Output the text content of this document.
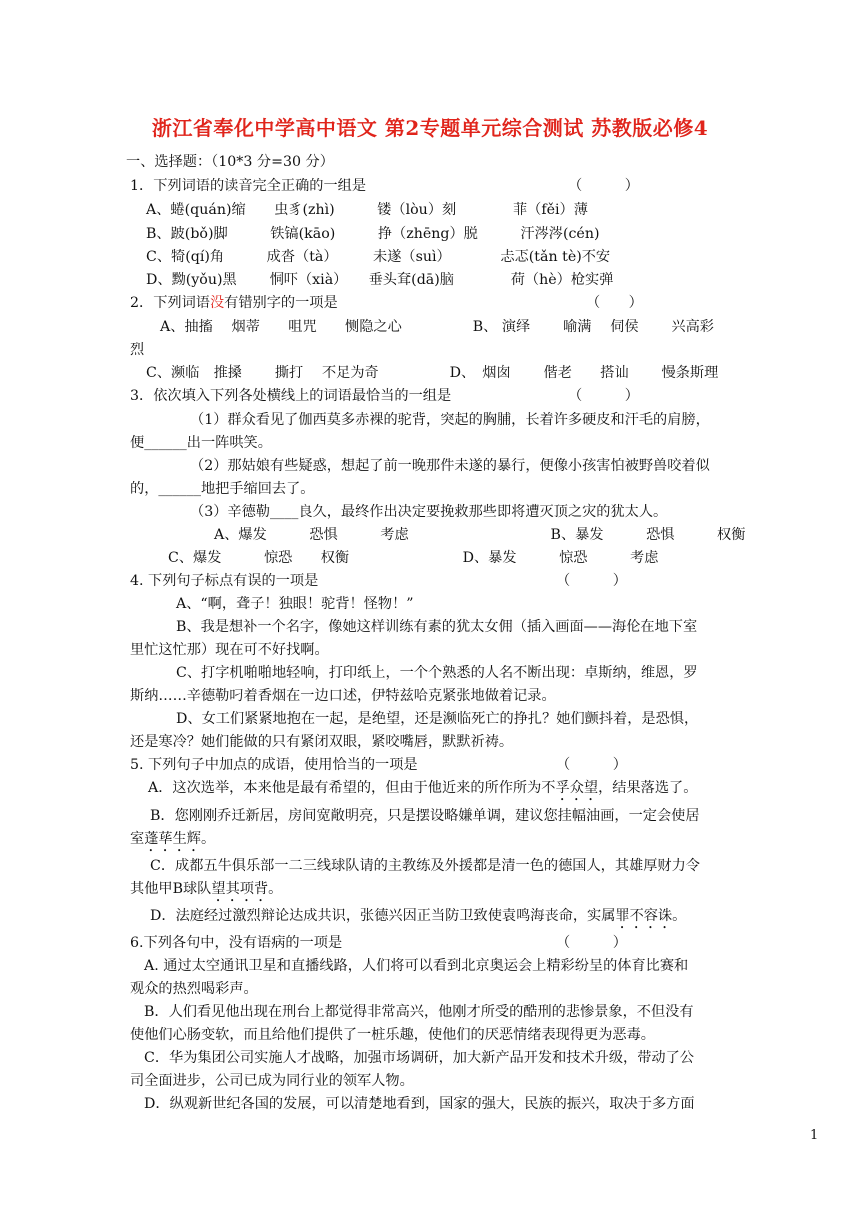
浙江省奉化中学高中语文 第2专题单元综合测试 苏教版必修4
一、选择题：（10*3 分=30 分）
1．下列词语的读音完全正确的一组是	（　　　）
A、蜷(quán)缩　　虫豸(zhì)　　　镂（lòu）刻　　　　菲（fěi）薄
B、跛(bǒ)脚　　　铁镐(kāo)　　　挣（zhēng）脱　　　汗涔涔(cén)
C、犄(qí)角　　　成沓（tà）　　　未遂（suì）　　　　忐忑(tǎn tè)不安
D、黝(yǒu)黑　　 恫吓（xià）　　垂头耷(dā)脑　　　　荷（hè）枪实弹
2．下列词语没有错别字的一项是	（　　）
A、抽搐　 烟蒂　　咀咒　　恻隐之心　　　　　B、 演绎　　 喻满　 伺侯　　 兴高彩
烈
C、濒临　推搡　　 撕打　 不足为奇　　　　　D、　烟囱　　 偕老　　搭讪　　 慢条斯理
3．依次填入下列各处横线上的词语最恰当的一组是	（　　　）
（1）群众看见了伽西莫多赤裸的驼背，突起的胸脯，长着许多硬皮和汗毛的肩膀，
便______出一阵哄笑。
（2）那姑娘有些疑惑，想起了前一晚那件未遂的暴行，便像小孩害怕被野兽咬着似
的，______地把手缩回去了。
（3）辛德勒____良久，最终作出决定要挽救那些即将遭灭顶之灾的犹太人。
A、爆发　　　恐惧　　　考虑　　　　　　　　　　B、暴发　　　恐惧　　　权衡
C、爆发　　　惊恐　　权衡　　　　　　　　D、暴发　　　惊恐　　　考虑
4. 下列句子标点有误的一项是	（　　　）
A、“啊，聋子！独眼！驼背！怪物！”
B、我是想补一个名字，像她这样训练有素的犹太女佣（插入画面——海伦在地下室
里忙这忙那）现在可不好找啊。
C、打字机啪啪地轻响，打印纸上，一个个熟悉的人名不断出现：卓斯纳，维恩，罗
斯纳……辛德勒叼着香烟在一边口述，伊特兹哈克紧张地做着记录。
D、女工们紧紧地抱在一起，是绝望，还是濒临死亡的挣扎？她们颤抖着，是恐惧，
还是寒冷？她们能做的只有紧闭双眼，紧咬嘴唇，默默祈祷。
5. 下列句子中加点的成语，使用恰当的一项是	（　　　）
A．这次选举，本来他是最有希望的，但由于他近来的所作所为不孚众望，结果落选了。
B．您刚刚乔迁新居，房间宽敞明亮，只是摆设略嫌单调，建议您挂幅油画，一定会使居
室蓬荜生辉。
C．成都五牛俱乐部一二三线球队请的主教练及外援都是清一色的德国人，其雄厚财力令
其他甲B球队望其项背。
D．法庭经过激烈辩论达成共识，张德兴因正当防卫致使袁鸣海丧命，实属罪不容诛。
6.下列各句中，没有语病的一项是	（　　　）
A. 通过太空通讯卫星和直播线路，人们将可以看到北京奥运会上精彩纷呈的体育比赛和
观众的热烈喝彩声。
B．人们看见他出现在刑台上都觉得非常高兴，他刚才所受的酷刑的悲惨景象，不但没有
使他们心肠变软，而且给他们提供了一桩乐趣，使他们的厌恶情绪表现得更为恶毒。
C．华为集团公司实施人才战略，加强市场调研，加大新产品开发和技术升级，带动了公
司全面进步，公司已成为同行业的领军人物。
D．纵观新世纪各国的发展，可以清楚地看到，国家的强大，民族的振兴，取决于多方面
1
